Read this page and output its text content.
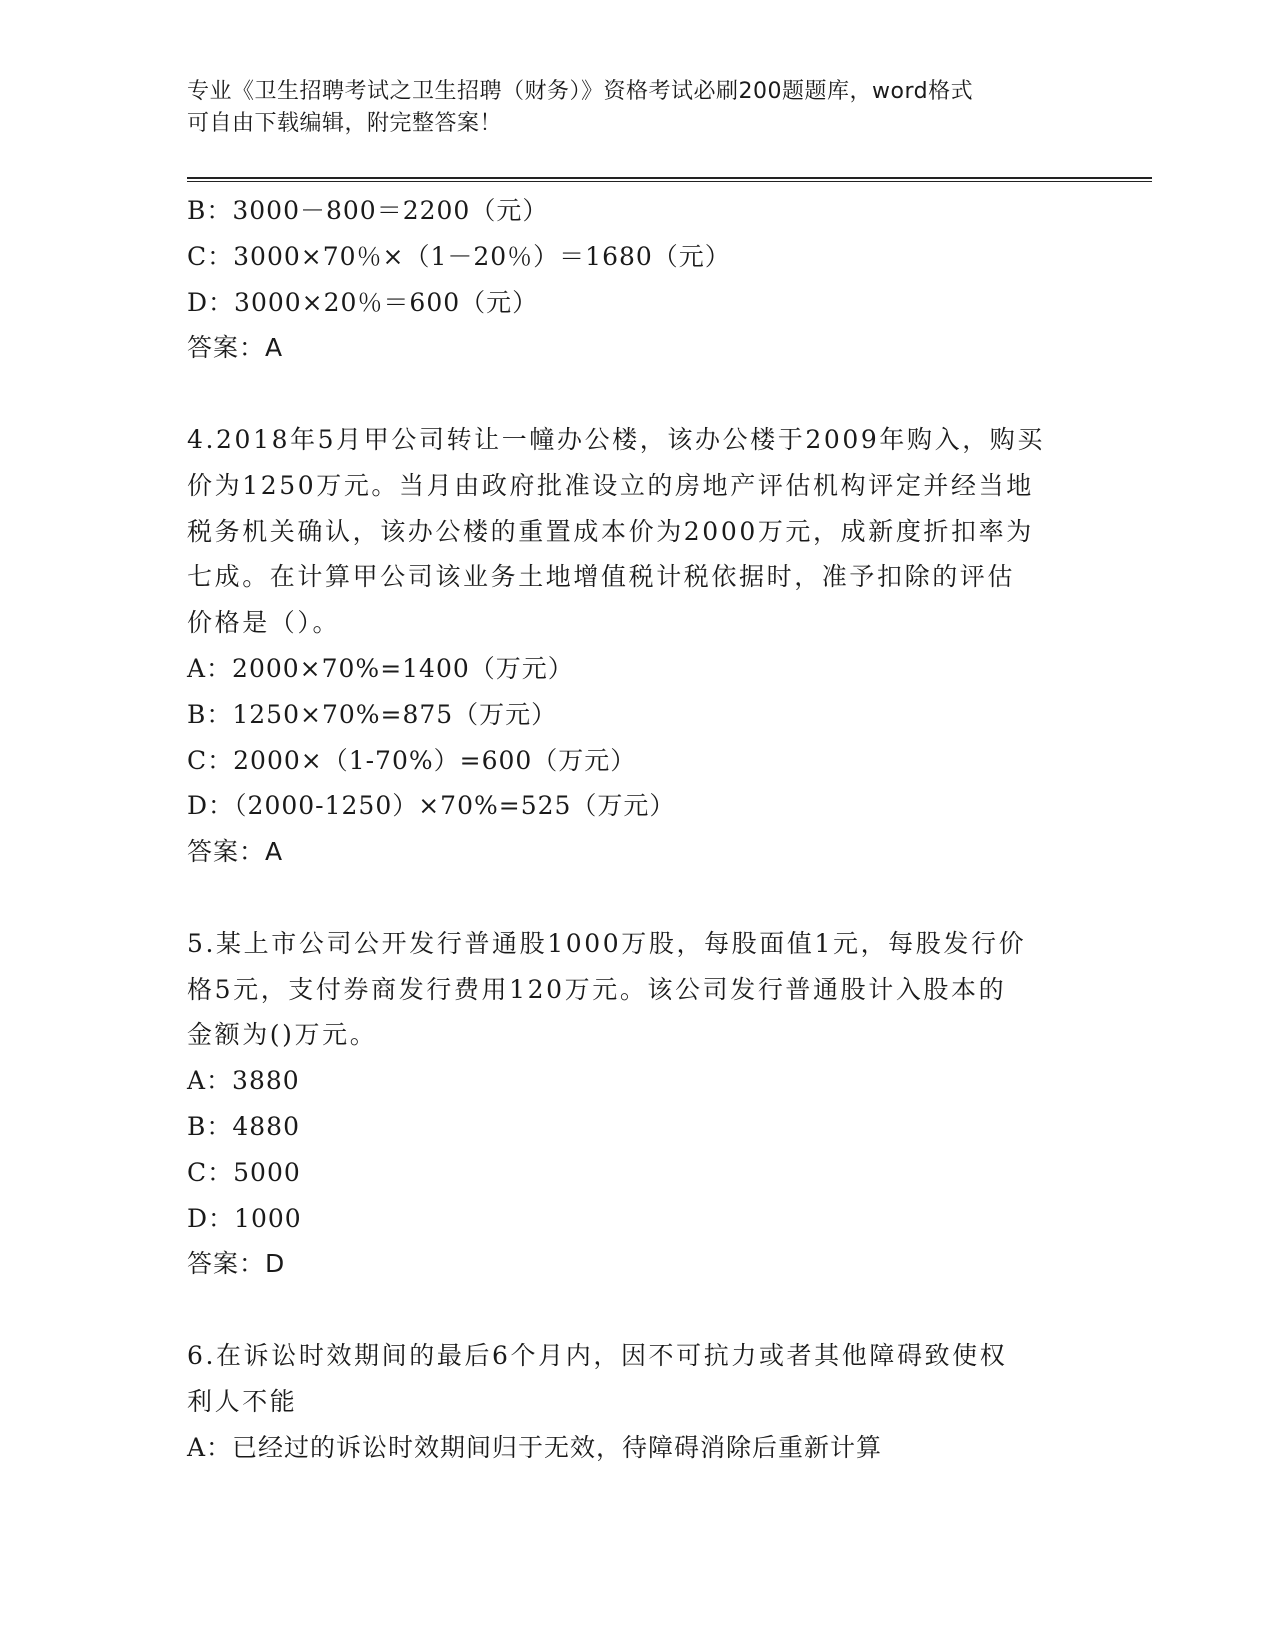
专业《卫生招聘考试之卫生招聘（财务）》资格考试必刷200题题库，word格式
可自由下载编辑，附完整答案！
B：3000－800＝2200（元）
C：3000×70％×（1－20％）＝1680（元）
D：3000×20％＝600（元）
答案：A
4.2018年5月甲公司转让一幢办公楼，该办公楼于2009年购入，购买
价为1250万元。当月由政府批准设立的房地产评估机构评定并经当地
税务机关确认，该办公楼的重置成本价为2000万元，成新度折扣率为
七成。在计算甲公司该业务土地增值税计税依据时，准予扣除的评估
价格是（）。
A：2000×70%=1400（万元）
B：1250×70%=875（万元）
C：2000×（1-70%）=600（万元）
D：（2000-1250）×70%=525（万元）
答案：A
5.某上市公司公开发行普通股1000万股，每股面值1元，每股发行价
格5元，支付券商发行费用120万元。该公司发行普通股计入股本的
金额为()万元。
A：3880
B：4880
C：5000
D：1000
答案：D
6.在诉讼时效期间的最后6个月内，因不可抗力或者其他障碍致使权
利人不能
A：已经过的诉讼时效期间归于无效，待障碍消除后重新计算
